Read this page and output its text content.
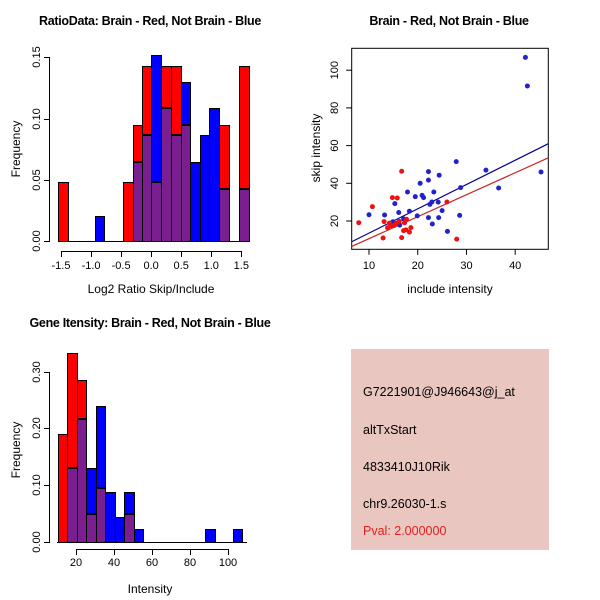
RatioData: Brain - Red, Not Brain - Blue
Log2 Ratio Skip/Include
Frequency
Brain - Red, Not Brain - Blue
include intensity
skip intensity
Gene Itensity: Brain - Red, Not Brain - Blue
Intensity
Frequency
10	20	30	40
20
40
60
80
100
G7221901@J946643@j_at
altTxStart
4833410J10Rik
chr9.26030-1.s
Pval: 2.000000
0.00
0.05
0.10
0.15
-1.5 -1.0 -0.5 0.0 0.5 1.0 1.5
0.00
0.10
0.20
0.30
20 40 60 80 100
